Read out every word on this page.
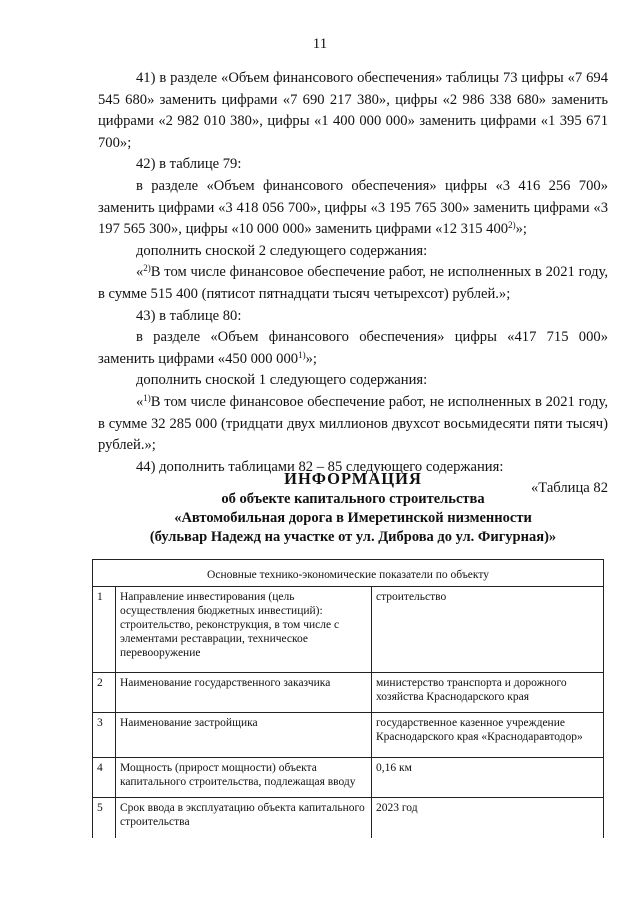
11

41) в разделе «Объем финансового обеспечения» таблицы 73 цифры «7 694 545 680» заменить цифрами «7 690 217 380», цифры «2 986 338 680» заменить цифрами «2 982 010 380», цифры «1 400 000 000» заменить цифрами «1 395 671 700»;

42) в таблице 79:

в разделе «Объем финансового обеспечения» цифры «3 416 256 700» заменить цифрами «3 418 056 700», цифры «3 195 765 300» заменить цифрами «3 197 565 300», цифры «10 000 000» заменить цифрами «12 315 400$^{2)}$»;

дополнить сноской 2 следующего содержания:

«$^{2)}$В том числе финансовое обеспечение работ, не исполненных в 2021 году, в сумме 515 400 (пятисот пятнадцати тысяч четырехсот) рублей.»;

43) в таблице 80:

в разделе «Объем финансового обеспечения» цифры «417 715 000» заменить цифрами «450 000 000$^{1)}$»;

дополнить сноской 1 следующего содержания:

«$^{1)}$В том числе финансовое обеспечение работ, не исполненных в 2021 году, в сумме 32 285 000 (тридцати двух миллионов двухсот восьмидесяти пяти тысяч) рублей.»;

44) дополнить таблицами 82 – 85 следующего содержания:

«Таблица 82

ИНФОРМАЦИЯ
об объекте капитального строительства
«Автомобильная дорога в Имеретинской низменности
(бульвар Надежд на участке от ул. Диброва до ул. Фигурная)»
Основные технико-экономические показатели по объекту		
1	Направление инвестирования (цель осуществления бюджетных инвестиций): строительство, реконструкция, в том числе с элементами реставрации, техническое перевооружение	строительство
2	Наименование государственного заказчика	министерство транспорта и дорожного хозяйства Краснодарского края
3	Наименование застройщика	государственное казенное учреждение Краснодарского края «Краснодаравтодор»
4	Мощность (прирост мощности) объекта капитального строительства, подлежащая вводу	0,16 км
5	Срок ввода в эксплуатацию объекта капитального строительства	2023 год
